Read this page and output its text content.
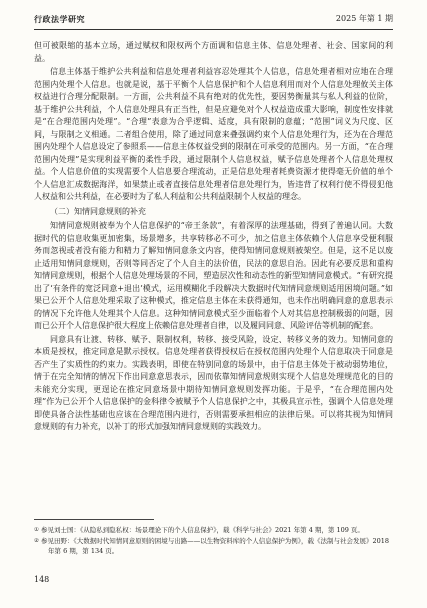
行政法学研究	2025 年第 1 期

但可被限缩的基本立场，通过赋权和限权两个方面调和信息主体、信息处理者、社会、国家间的利益。

信息主体基于维护公共利益和信息处理者利益容忍处理其个人信息，信息处理者相对应地在合理范围内处理个人信息。也就是说，基于平衡个人信息保护和个人信息利用而对个人信息处理攸关主体权益进行合理分配限制。一方面，公共利益不具有绝对的优先性，要因势衡量其与私人利益的位阶，基于维护公共利益，个人信息处理具有正当性，但是应避免对个人权益造成重大影响，制度性安排就是“在合理范围内处理”。“合理”表意为合乎逻辑、适度，具有限制的意蕴；“范围”词义为尺度、区间，与限制之义相通。二者组合使用，除了通过同意来叠强调约束个人信息处理行为，还为在合理范围内处理个人信息设定了参照系——信息主体权益受到的限制在可承受的范围内。另一方面，“在合理范围内处理”是实现利益平衡的柔性手段，通过限制个人信息权益，赋予信息处理者个人信息处理权益。个人信息价值的实现需要个人信息要合理流动，正是信息处理者耗费资源才使得毫无价值的单个个人信息汇成数据海洋，如果禁止或者直接信息处理者信息处理行为，皆违背了权利行使不得侵犯他人权益和公共利益，在必要时为了私人利益和公共利益限制个人权益的理念。

（二）知情同意规则的补充

知情同意规则被奉为个人信息保护的“帝王条款”，有着深厚的法理基础，得到了普遍认同。大数据时代的信息收集更加密集，场景增多，共享转移必不可少，加之信息主体依赖个人信息享受便利服务而忽视或者没有能力和精力了解知情同意条文内容，使得知情同意规则被架空。但是，这不足以废止适用知情同意规则，否则等同否定了个人自主的法价值，民法的意思自治。因此有必要反思和重构知情同意规则，根据个人信息处理场景的不同，塑造层次性和动态性的新型知情同意模式。“有研究提出了‘有条件的宽泛同意+退出’模式，运用模糊化手段解决大数据时代知情同意规则适用困境问题。”如果已公开个人信息处理采取了这种模式，推定信息主体在未获得通知，也未作出明确同意的意思表示的情况下允许他人处理其个人信息。这种知情同意模式至少面临着个人对其信息控制极弱的问题，因而已公开个人信息保护很大程度上依赖信息处理者自律，以及履同同意、风险评估等机制的配套。

同意具有让渡、转移、赋予、限制权利，转移、接受风险，设定、转移义务的效力。知情同意的本质是授权，推定同意是默示授权。信息处理者获得授权后在授权范围内处理个人信息取决于同意是否产生了实质性的约束力。实践表明，即使在特别同意的场景中，由于信息主体处于被动弱势地位，情于在完全知情的情况下作出同意意思表示，因而依靠知情同意规则实现个人信息处理规范化的目的未能充分实现，更逞论在推定同意场景中期待知情同意规则发挥功能。于是乎，“在合理范围内处理”作为已公开个人信息保护的金科律令被赋予个人信息保护之中，其极具宣示性，强调个人信息处理即使具备合法性基础也应该在合理范围内进行，否则需要承担相应的法律后果。可以将其视为知情同意规则的有力补充，以补丁的形式加强知情同意规则的实践效力。

① 参见刘士国：《从隐私到隐私权：场景理论下的个人信息保护》，载《科学与社会》2021 年第 4 期，第 109 页。
② 参见田野：《大数据时代知情同意原则的困境与出路——以生物资料库的个人信息保护为例》，载《法制与社会发展》2018 年第 6 期，第 134 页。
148
